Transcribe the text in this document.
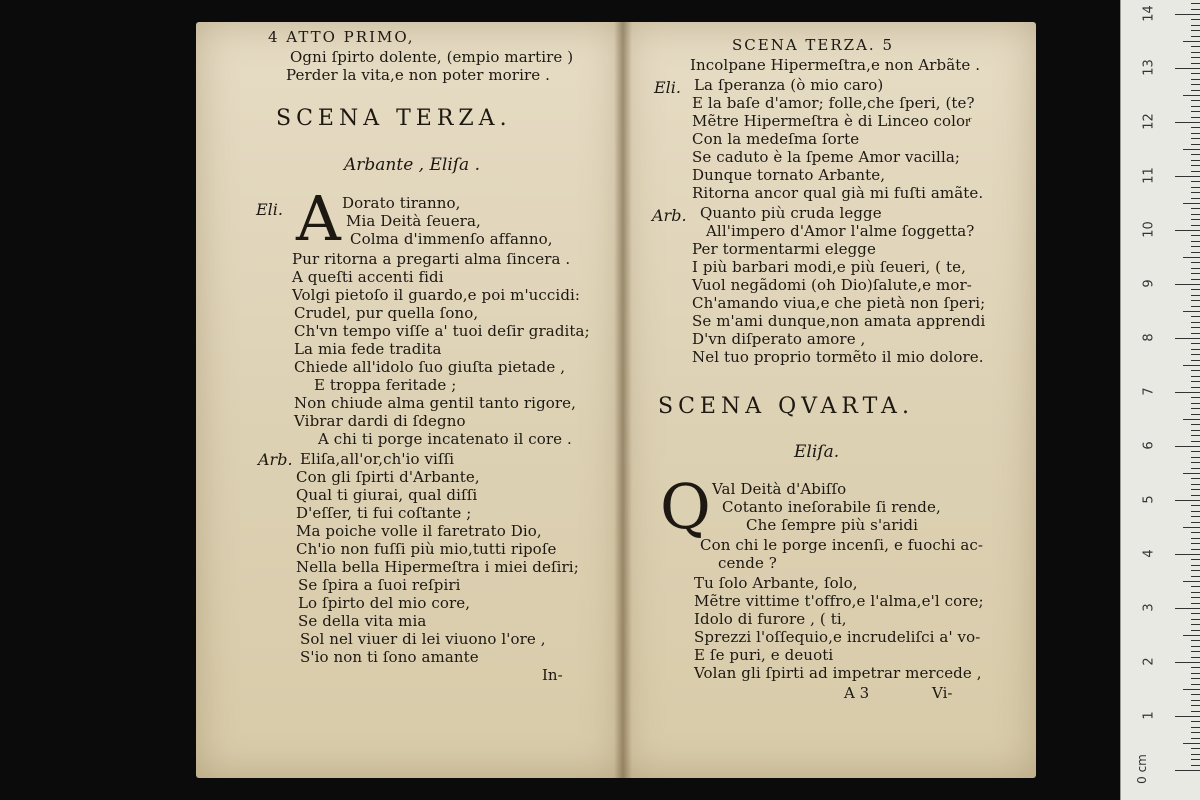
4 ATTO PRIMO,
Ogni ſpirto dolente, (empio martire )
Perder la vita,e non poter morire .
SCENA TERZA.
Arbante , Eliſa .
Eli. A Dorato tiranno,
Mia Deità ſeuera,
Colma d'immenſo affanno,
Pur ritorna a pregarti alma ſincera .
A queſti accenti fidi
Volgi pietoſo il guardo,e poi m'uccidi:
Crudel, pur quella ſono,
Ch'vn tempo viſſe a' tuoi deſir gradita;
La mia fede tradita
Chiede all'idolo ſuo giuſta pietade ,
E troppa feritade ;
Non chiude alma gentil tanto rigore,
Vibrar dardi di ſdegno
A chi ti porge incatenato il core .
Arb. Eliſa,all'or,ch'io viſſi
Con gli ſpirti d'Arbante,
Qual ti giurai, qual diſſi
D'eſſer, ti fui coſtante ;
Ma poiche volle il faretrato Dio,
Ch'io non fuſſi più mio,tutti ripoſe
Nella bella Hipermeſtra i miei deſiri;
Se ſpira a ſuoi reſpiri
Lo ſpirto del mio core,
Se della vita mia
Sol nel viuer di lei viuono l'ore ,
S'io non ti ſono amante
In-
SCENA TERZA. 5
Incolpane Hipermeſtra,e non Arbãte .
Eli. La ſperanza (ò mio caro)
E la baſe d'amor; folle,che ſperi, (te?
Mẽtre Hipermeſtra è di Linceo colorͬ
Con la medeſma ſorte
Se caduto è la ſpeme Amor vacilla;
Dunque tornato Arbante,
Ritorna ancor qual già mi fuſti amãte.
Arb. Quanto più cruda legge
All'impero d'Amor l'alme ſoggetta?
Per tormentarmi elegge
I più barbari modi,e più ſeueri, ( te,
Vuol negãdomi (oh Dio)ſalute,e mor-
Ch'amando viua,e che pietà non ſperi;
Se m'ami dunque,non amata apprendi
D'vn diſperato amore ,
Nel tuo proprio tormẽto il mio dolore.
SCENA QVARTA.
Eliſa.
Q Val Deità d'Abiſſo
Cotanto ineſorabile ſi rende,
Che ſempre più s'aridi
Con chi le porge incenſi, e fuochi ac-
cende ?
Tu ſolo Arbante, ſolo,
Mẽtre vittime t'offro,e l'alma,e'l core;
Idolo di furore , ( ti,
Sprezzi l'oſſequio,e incrudeliſci a' vo-
E ſe puri, e deuoti
Volan gli ſpirti ad impetrar mercede ,
A 3	Vi-
1
2
3
4
5
6
7
8
9
10
11
12
13
14
0 cm
